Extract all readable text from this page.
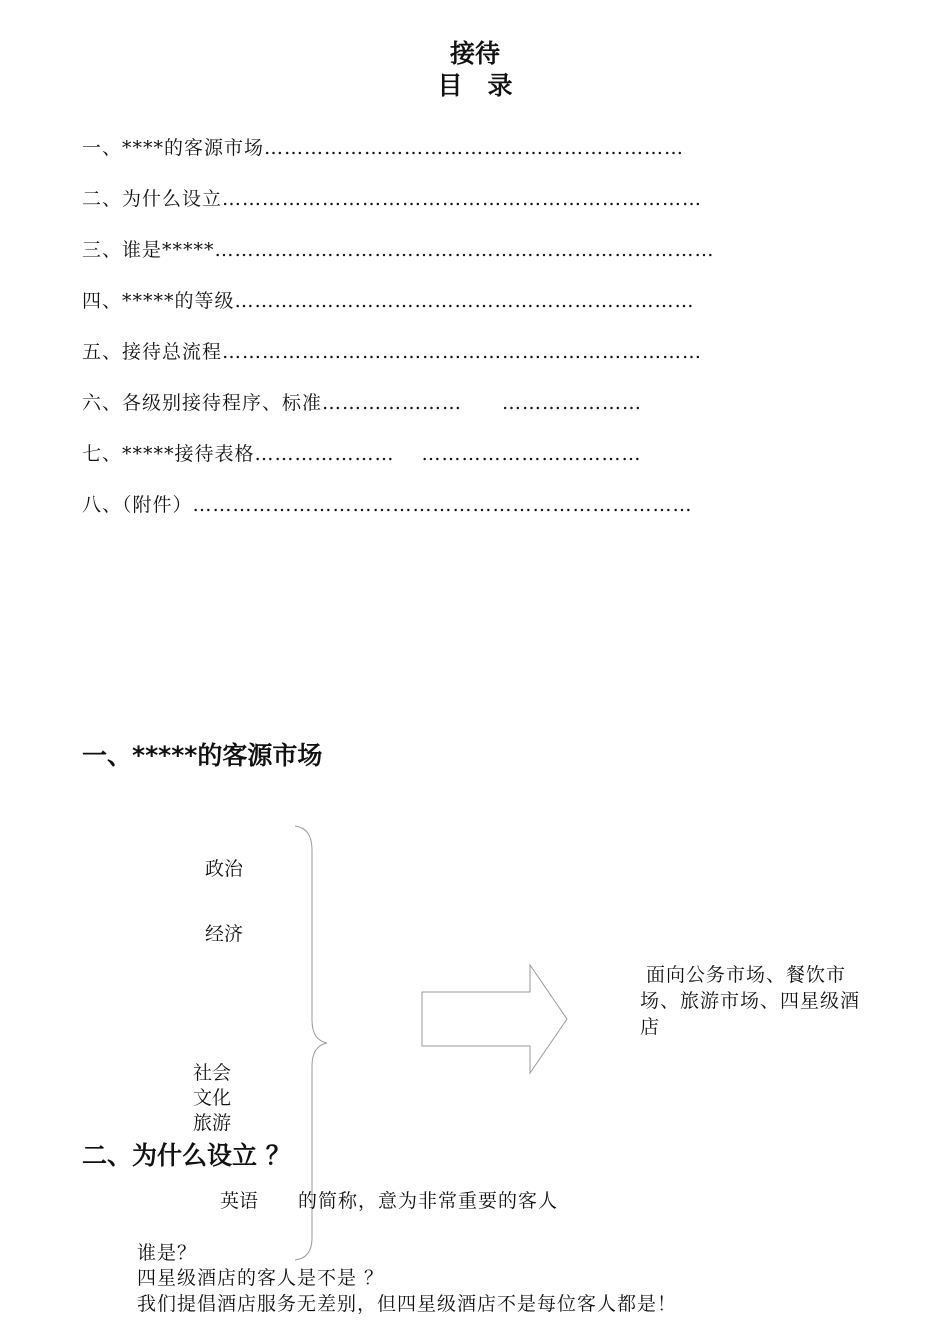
接待
目　录
一、****的客源市场………………………………………………………
二、为什么设立………………………………………………………………
三、谁是*****…………………………………………………………………
四、*****的等级……………………………………………………………
五、接待总流程………………………………………………………………
六、各级别接待程序、标准…………………　　…………………
七、*****接待表格…………………　 ……………………………
八、（附件）…………………………………………………………………
一、*****的客源市场
政治
经济
社会
文化
旅游
面向公务市场、餐饮市场、旅游市场、四星级酒店
二、为什么设立 ？
英语 的简称，意为非常重要的客人
谁是？
四星级酒店的客人是不是 ？
我们提倡酒店服务无差别，但四星级酒店不是每位客人都是！
